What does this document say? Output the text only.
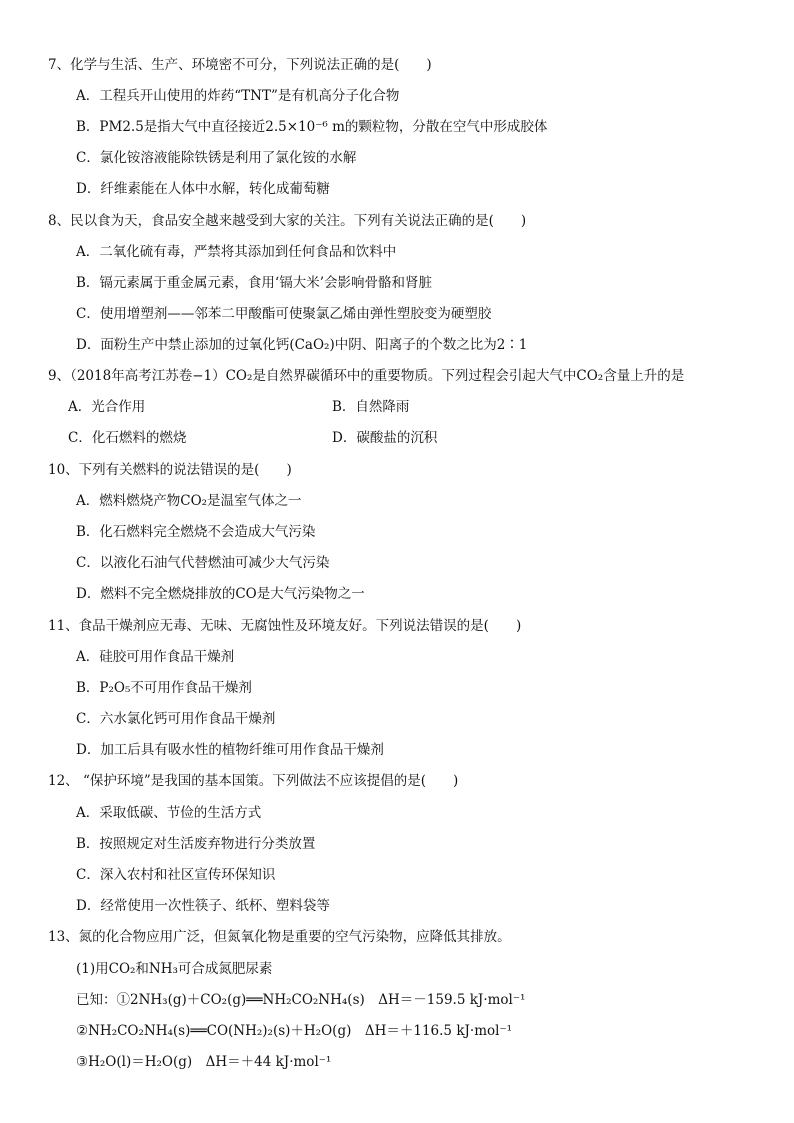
7、化学与生活、生产、环境密不可分，下列说法正确的是(　　)
A．工程兵开山使用的炸药“TNT”是有机高分子化合物
B．PM2.5是指大气中直径接近2.5×10⁻⁶ m的颗粒物，分散在空气中形成胶体
C．氯化铵溶液能除铁锈是利用了氯化铵的水解
D．纤维素能在人体中水解，转化成葡萄糖
8、民以食为天，食品安全越来越受到大家的关注。下列有关说法正确的是(　　)
A．二氧化硫有毒，严禁将其添加到任何食品和饮料中
B．镉元素属于重金属元素，食用‘镉大米’会影响骨骼和肾脏
C．使用增塑剂——邻苯二甲酸酯可使聚氯乙烯由弹性塑胶变为硬塑胶
D．面粉生产中禁止添加的过氧化钙(CaO₂)中阴、阳离子的个数之比为2∶1
9、（2018年高考江苏卷−1）CO₂是自然界碳循环中的重要物质。下列过程会引起大气中CO₂含量上升的是
A．光合作用	B．自然降雨
C．化石燃料的燃烧	D．碳酸盐的沉积
10、下列有关燃料的说法错误的是(　　)
A．燃料燃烧产物CO₂是温室气体之一
B．化石燃料完全燃烧不会造成大气污染
C．以液化石油气代替燃油可减少大气污染
D．燃料不完全燃烧排放的CO是大气污染物之一
11、食品干燥剂应无毒、无味、无腐蚀性及环境友好。下列说法错误的是(　　)
A．硅胶可用作食品干燥剂
B．P₂O₅不可用作食品干燥剂
C．六水氯化钙可用作食品干燥剂
D．加工后具有吸水性的植物纤维可用作食品干燥剂
12、 “保护环境”是我国的基本国策。下列做法不应该提倡的是(　　)
A．采取低碳、节俭的生活方式
B．按照规定对生活废弃物进行分类放置
C．深入农村和社区宣传环保知识
D．经常使用一次性筷子、纸杯、塑料袋等
13、氮的化合物应用广泛，但氮氧化物是重要的空气污染物，应降低其排放。
(1)用CO₂和NH₃可合成氮肥尿素
已知：①2NH₃(g)＋CO₂(g)══NH₂CO₂NH₄(s)　ΔH＝－159.5 kJ·mol⁻¹
②NH₂CO₂NH₄(s)══CO(NH₂)₂(s)＋H₂O(g)　ΔH＝＋116.5 kJ·mol⁻¹
③H₂O(l)＝H₂O(g)　ΔH＝＋44 kJ·mol⁻¹
